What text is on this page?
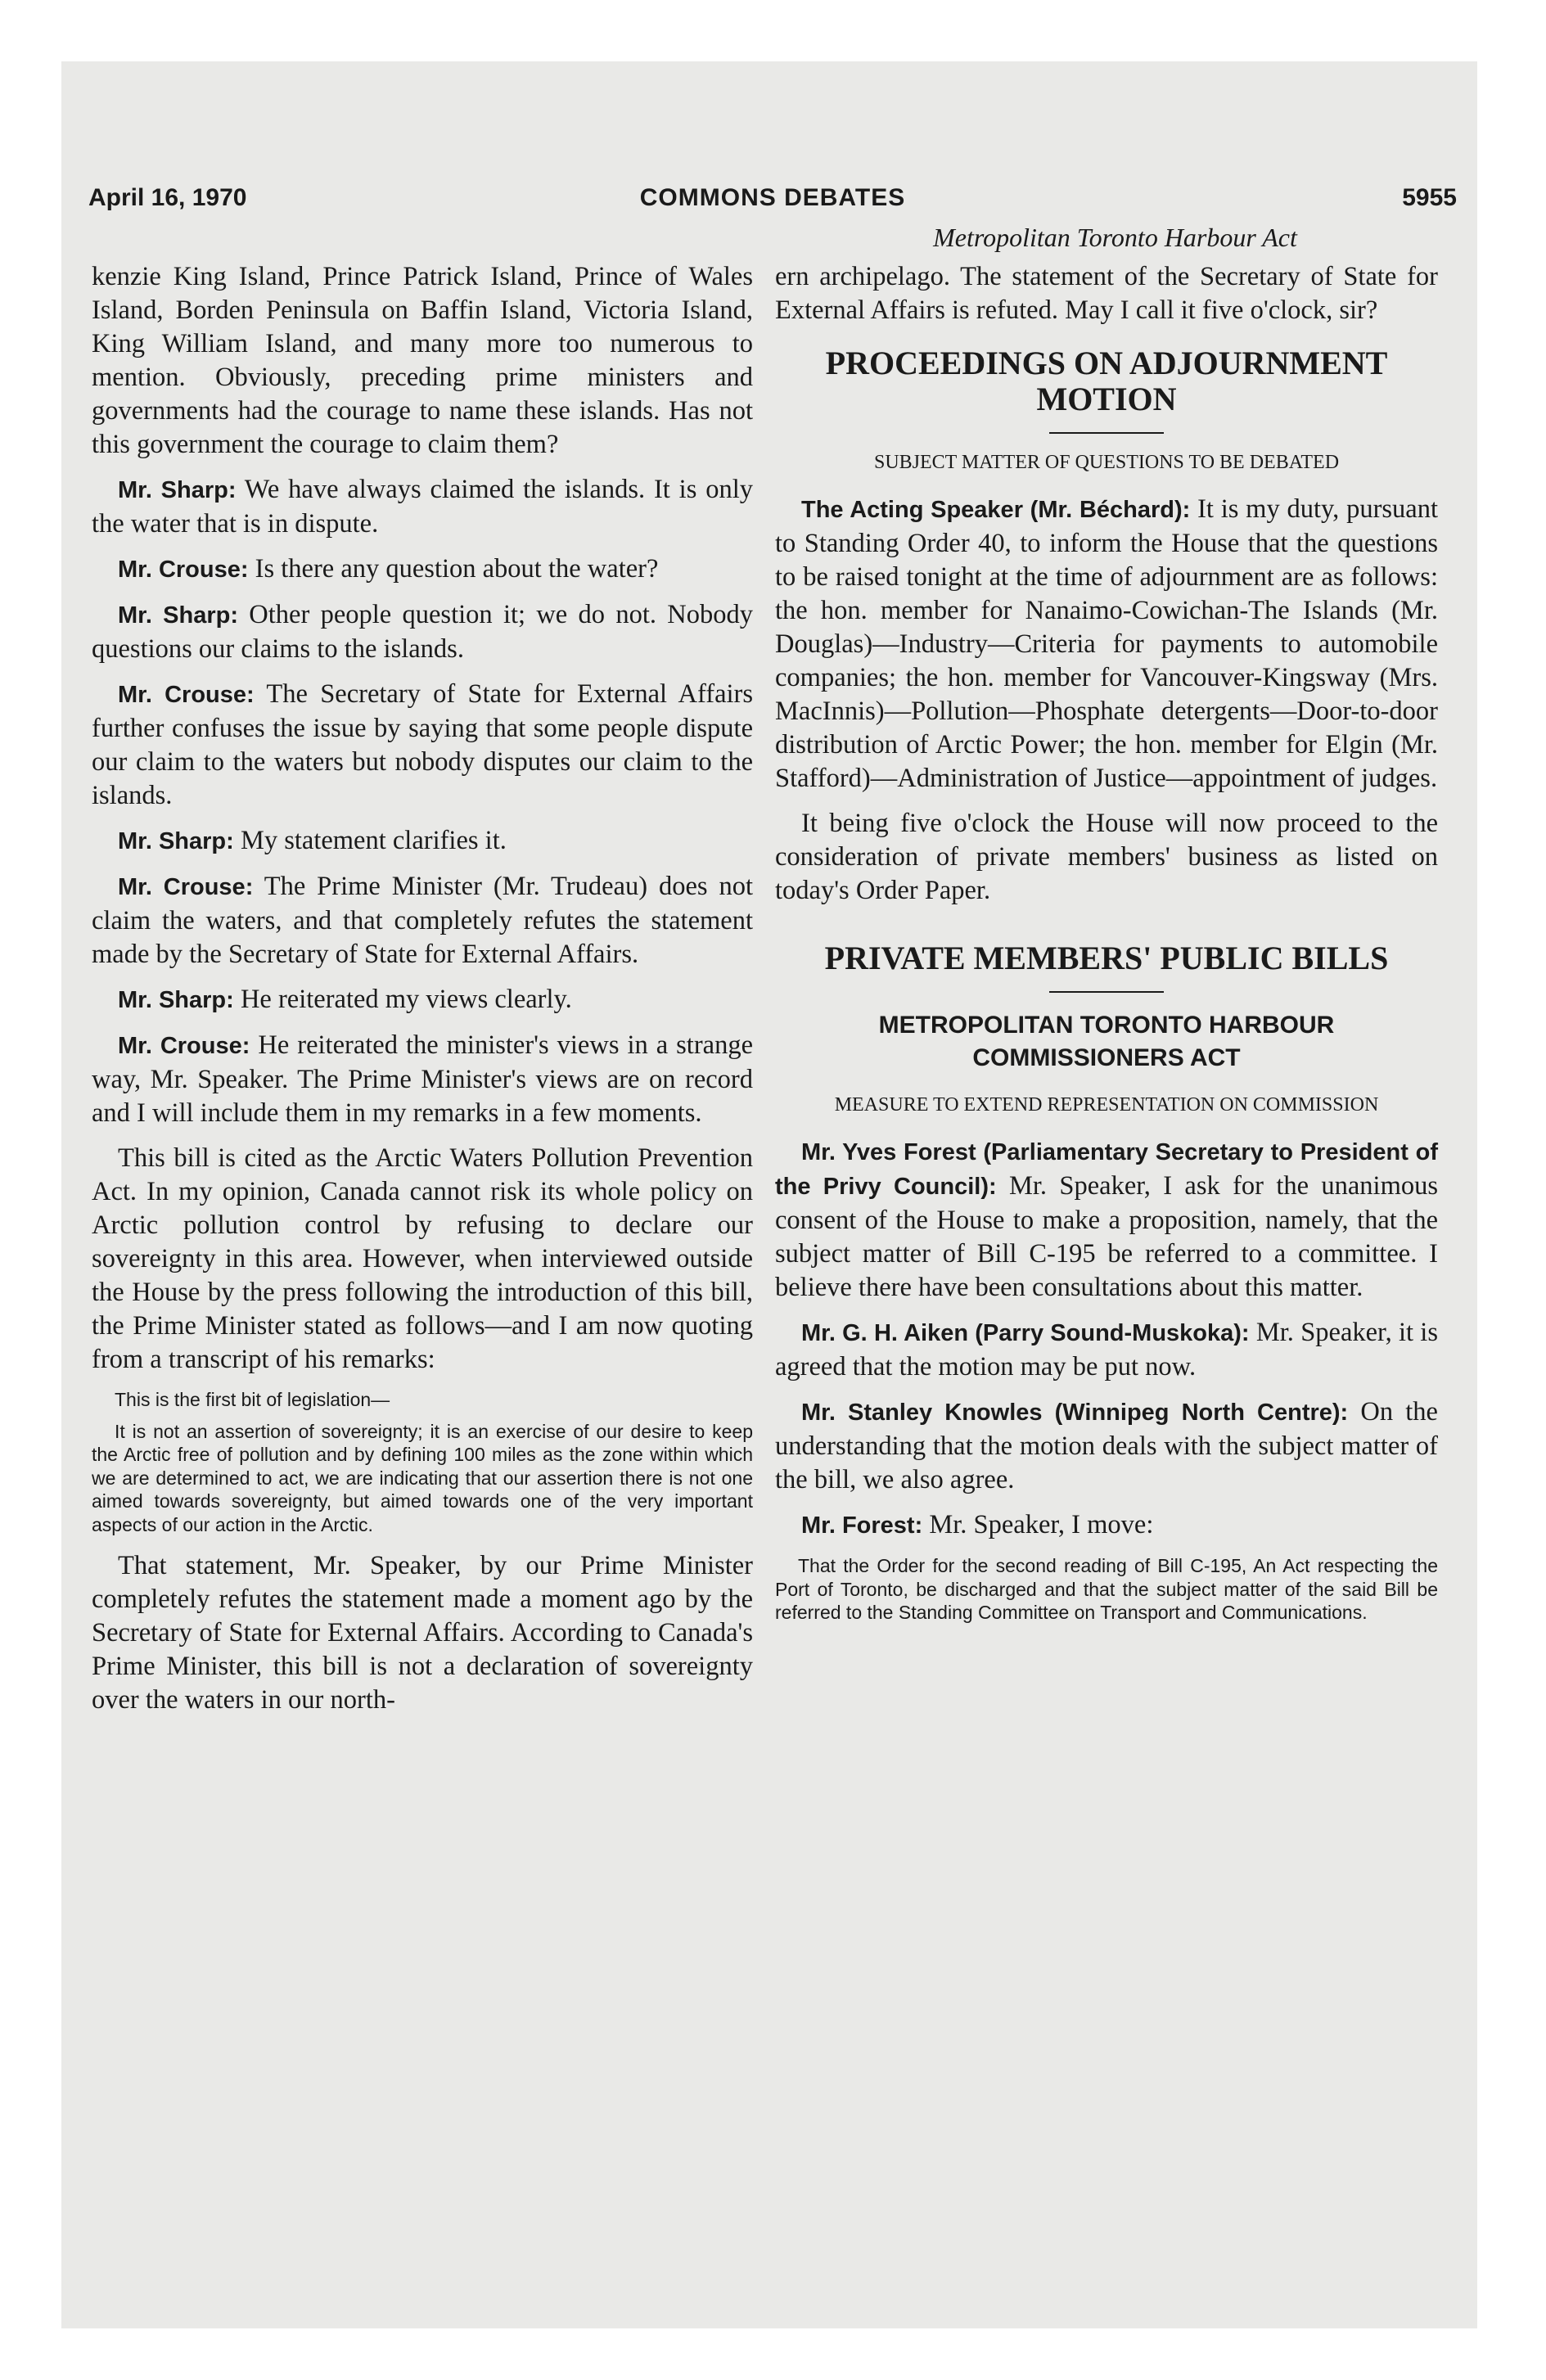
April 16, 1970	COMMONS DEBATES	5955
Metropolitan Toronto Harbour Act

kenzie King Island, Prince Patrick Island, Prince of Wales Island, Borden Peninsula on Baffin Island, Victoria Island, King William Island, and many more too numerous to mention. Obviously, preceding prime ministers and governments had the courage to name these islands. Has not this government the courage to claim them?

Mr. Sharp: We have always claimed the islands. It is only the water that is in dispute.

Mr. Crouse: Is there any question about the water?

Mr. Sharp: Other people question it; we do not. Nobody questions our claims to the islands.

Mr. Crouse: The Secretary of State for External Affairs further confuses the issue by saying that some people dispute our claim to the waters but nobody disputes our claim to the islands.

Mr. Sharp: My statement clarifies it.

Mr. Crouse: The Prime Minister (Mr. Trudeau) does not claim the waters, and that completely refutes the statement made by the Secretary of State for External Affairs.

Mr. Sharp: He reiterated my views clearly.

Mr. Crouse: He reiterated the minister's views in a strange way, Mr. Speaker. The Prime Minister's views are on record and I will include them in my remarks in a few moments.

This bill is cited as the Arctic Waters Pollution Prevention Act. In my opinion, Canada cannot risk its whole policy on Arctic pollution control by refusing to declare our sovereignty in this area. However, when interviewed outside the House by the press following the introduction of this bill, the Prime Minister stated as follows—and I am now quoting from a transcript of his remarks:

This is the first bit of legislation—

It is not an assertion of sovereignty; it is an exercise of our desire to keep the Arctic free of pollution and by defining 100 miles as the zone within which we are determined to act, we are indicating that our assertion there is not one aimed towards sovereignty, but aimed towards one of the very important aspects of our action in the Arctic.

That statement, Mr. Speaker, by our Prime Minister completely refutes the statement made a moment ago by the Secretary of State for External Affairs. According to Canada's Prime Minister, this bill is not a declaration of sovereignty over the waters in our north-

ern archipelago. The statement of the Secretary of State for External Affairs is refuted. May I call it five o'clock, sir?

PROCEEDINGS ON ADJOURNMENT MOTION
SUBJECT MATTER OF QUESTIONS TO BE DEBATED

The Acting Speaker (Mr. Béchard): It is my duty, pursuant to Standing Order 40, to inform the House that the questions to be raised tonight at the time of adjournment are as follows: the hon. member for Nanaimo-Cowichan-The Islands (Mr. Douglas)—Industry—Criteria for payments to automobile companies; the hon. member for Vancouver-Kingsway (Mrs. MacInnis)—Pollution—Phosphate detergents—Door-to-door distribution of Arctic Power; the hon. member for Elgin (Mr. Stafford)—Administration of Justice—appointment of judges.

It being five o'clock the House will now proceed to the consideration of private members' business as listed on today's Order Paper.

PRIVATE MEMBERS' PUBLIC BILLS
METROPOLITAN TORONTO HARBOUR COMMISSIONERS ACT
MEASURE TO EXTEND REPRESENTATION ON COMMISSION

Mr. Yves Forest (Parliamentary Secretary to President of the Privy Council): Mr. Speaker, I ask for the unanimous consent of the House to make a proposition, namely, that the subject matter of Bill C-195 be referred to a committee. I believe there have been consultations about this matter.

Mr. G. H. Aiken (Parry Sound-Muskoka): Mr. Speaker, it is agreed that the motion may be put now.

Mr. Stanley Knowles (Winnipeg North Centre): On the understanding that the motion deals with the subject matter of the bill, we also agree.

Mr. Forest: Mr. Speaker, I move:

That the Order for the second reading of Bill C-195, An Act respecting the Port of Toronto, be discharged and that the subject matter of the said Bill be referred to the Standing Committee on Transport and Communications.
